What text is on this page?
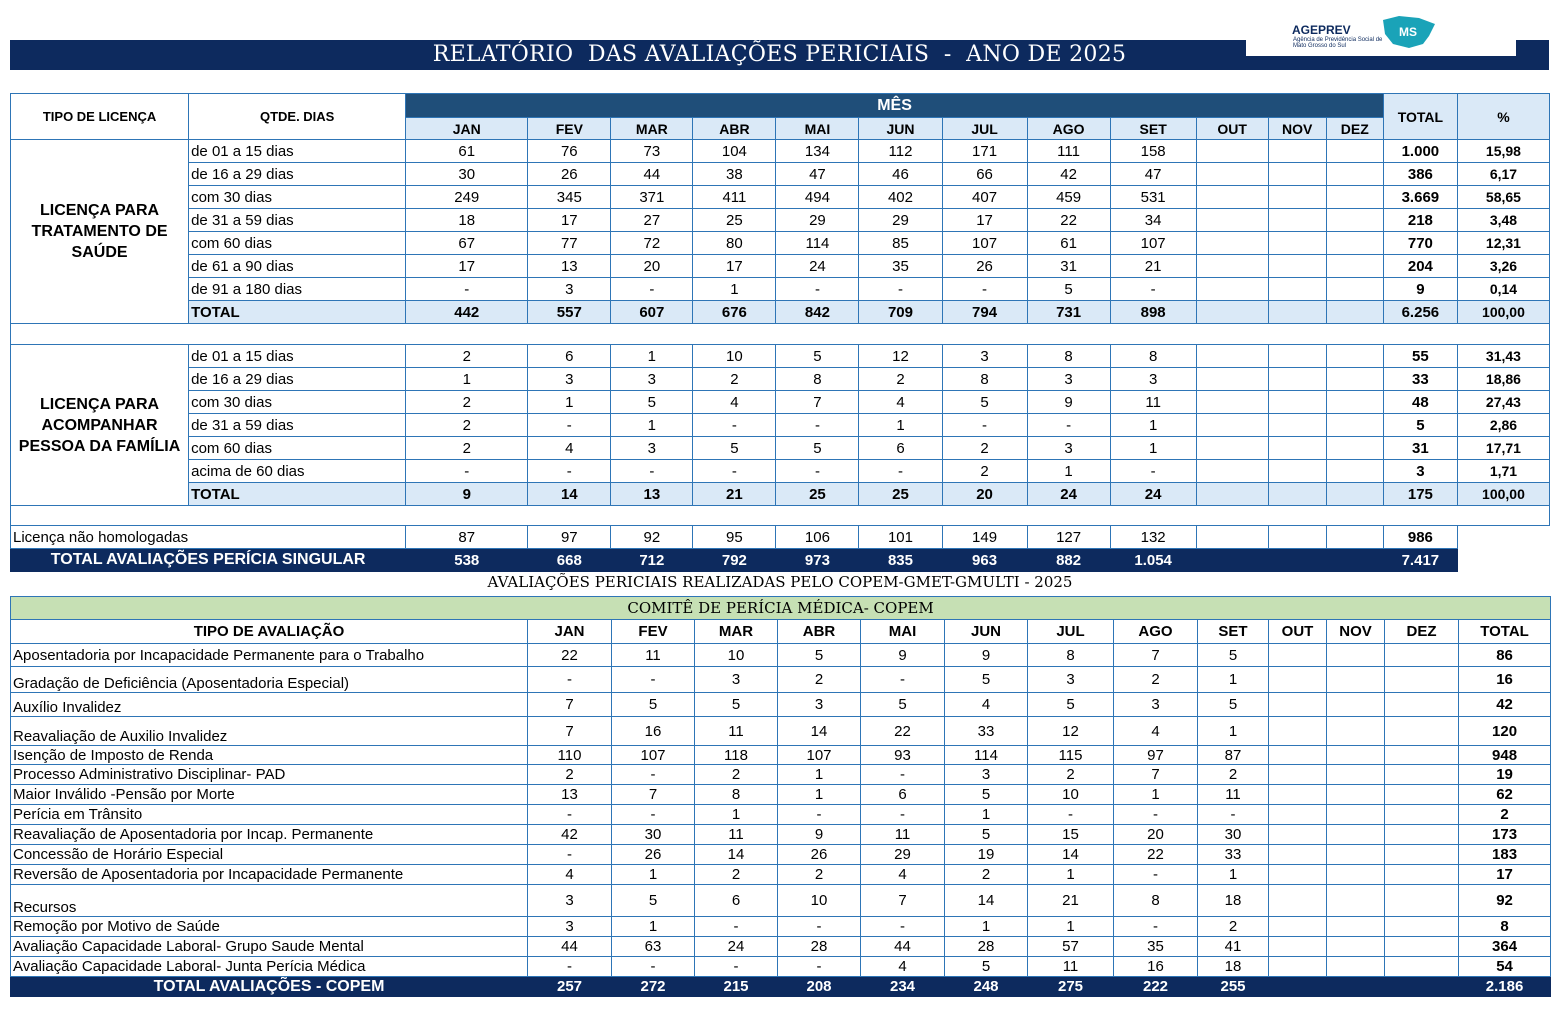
RELATÓRIO  DAS AVALIAÇÕES PERICIAIS  -  ANO DE 2025
AGEPREV	MS
Agência de Previdência Social de Mato Grosso do Sul
TIPO DE LICENÇA	QTDE. DIAS	MÊS												TOTAL	%
		JAN	FEV	MAR	ABR	MAI	JUN	JUL	AGO	SET	OUT	NOV	DEZ		
LICENÇA PARA TRATAMENTO DE SAÚDE	de 01 a 15 dias	61	76	73	104	134	112	171	111	158				1.000	15,98
	de 16 a 29 dias	30	26	44	38	47	46	66	42	47				386	6,17
	com 30 dias	249	345	371	411	494	402	407	459	531				3.669	58,65
	de 31 a 59 dias	18	17	27	25	29	29	17	22	34				218	3,48
	com 60 dias	67	77	72	80	114	85	107	61	107				770	12,31
	de 61 a 90 dias	17	13	20	17	24	35	26	31	21				204	3,26
	de 91 a 180 dias	-	3	-	1	-	-	-	5	-				9	0,14
	TOTAL	442	557	607	676	842	709	794	731	898				6.256	100,00

LICENÇA PARA ACOMPANHAR PESSOA DA FAMÍLIA	de 01 a 15 dias	2	6	1	10	5	12	3	8	8				55	31,43
	de 16 a 29 dias	1	3	3	2	8	2	8	3	3				33	18,86
	com 30 dias	2	1	5	4	7	4	5	9	11				48	27,43
	de 31 a 59 dias	2	-	1	-	-	1	-	-	1				5	2,86
	com 60 dias	2	4	3	5	5	6	2	3	1				31	17,71
	acima de 60 dias	-	-	-	-	-	-	2	1	-				3	1,71
	TOTAL	9	14	13	21	25	25	20	24	24				175	100,00

Licença não homologadas		87	97	92	95	106	101	149	127	132				986	
TOTAL AVALIAÇÕES PERÍCIA SINGULAR		538	668	712	792	973	835	963	882	1.054				7.417	
AVALIAÇÕES PERICIAIS REALIZADAS PELO COPEM-GMET-GMULTI - 2025
COMITÊ DE PERÍCIA MÉDICA- COPEM													
TIPO DE AVALIAÇÃO	JAN	FEV	MAR	ABR	MAI	JUN	JUL	AGO	SET	OUT	NOV	DEZ	TOTAL
Aposentadoria por Incapacidade Permanente para o Trabalho	22	11	10	5	9	9	8	7	5				86
Gradação de Deficiência (Aposentadoria Especial)	-	-	3	2	-	5	3	2	1				16
Auxílio Invalidez	7	5	5	3	5	4	5	3	5				42
Reavaliação de Auxilio Invalidez	7	16	11	14	22	33	12	4	1				120
Isenção de Imposto de Renda	110	107	118	107	93	114	115	97	87				948
Processo Administrativo Disciplinar- PAD	2	-	2	1	-	3	2	7	2				19
Maior Inválido -Pensão por Morte	13	7	8	1	6	5	10	1	11				62
Perícia em Trânsito	-	-	1	-	-	1	-	-	-				2
Reavaliação de Aposentadoria por Incap. Permanente	42	30	11	9	11	5	15	20	30				173
Concessão de Horário Especial	-	26	14	26	29	19	14	22	33				183
Reversão de Aposentadoria por Incapacidade Permanente	4	1	2	2	4	2	1	-	1				17
Recursos	3	5	6	10	7	14	21	8	18				92
Remoção por Motivo de Saúde	3	1	-	-	-	1	1	-	2				8
Avaliação Capacidade Laboral- Grupo Saude Mental	44	63	24	28	44	28	57	35	41				364
Avaliação Capacidade Laboral- Junta Perícia Médica	-	-	-	-	4	5	11	16	18				54
TOTAL AVALIAÇÕES - COPEM	257	272	215	208	234	248	275	222	255				2.186
